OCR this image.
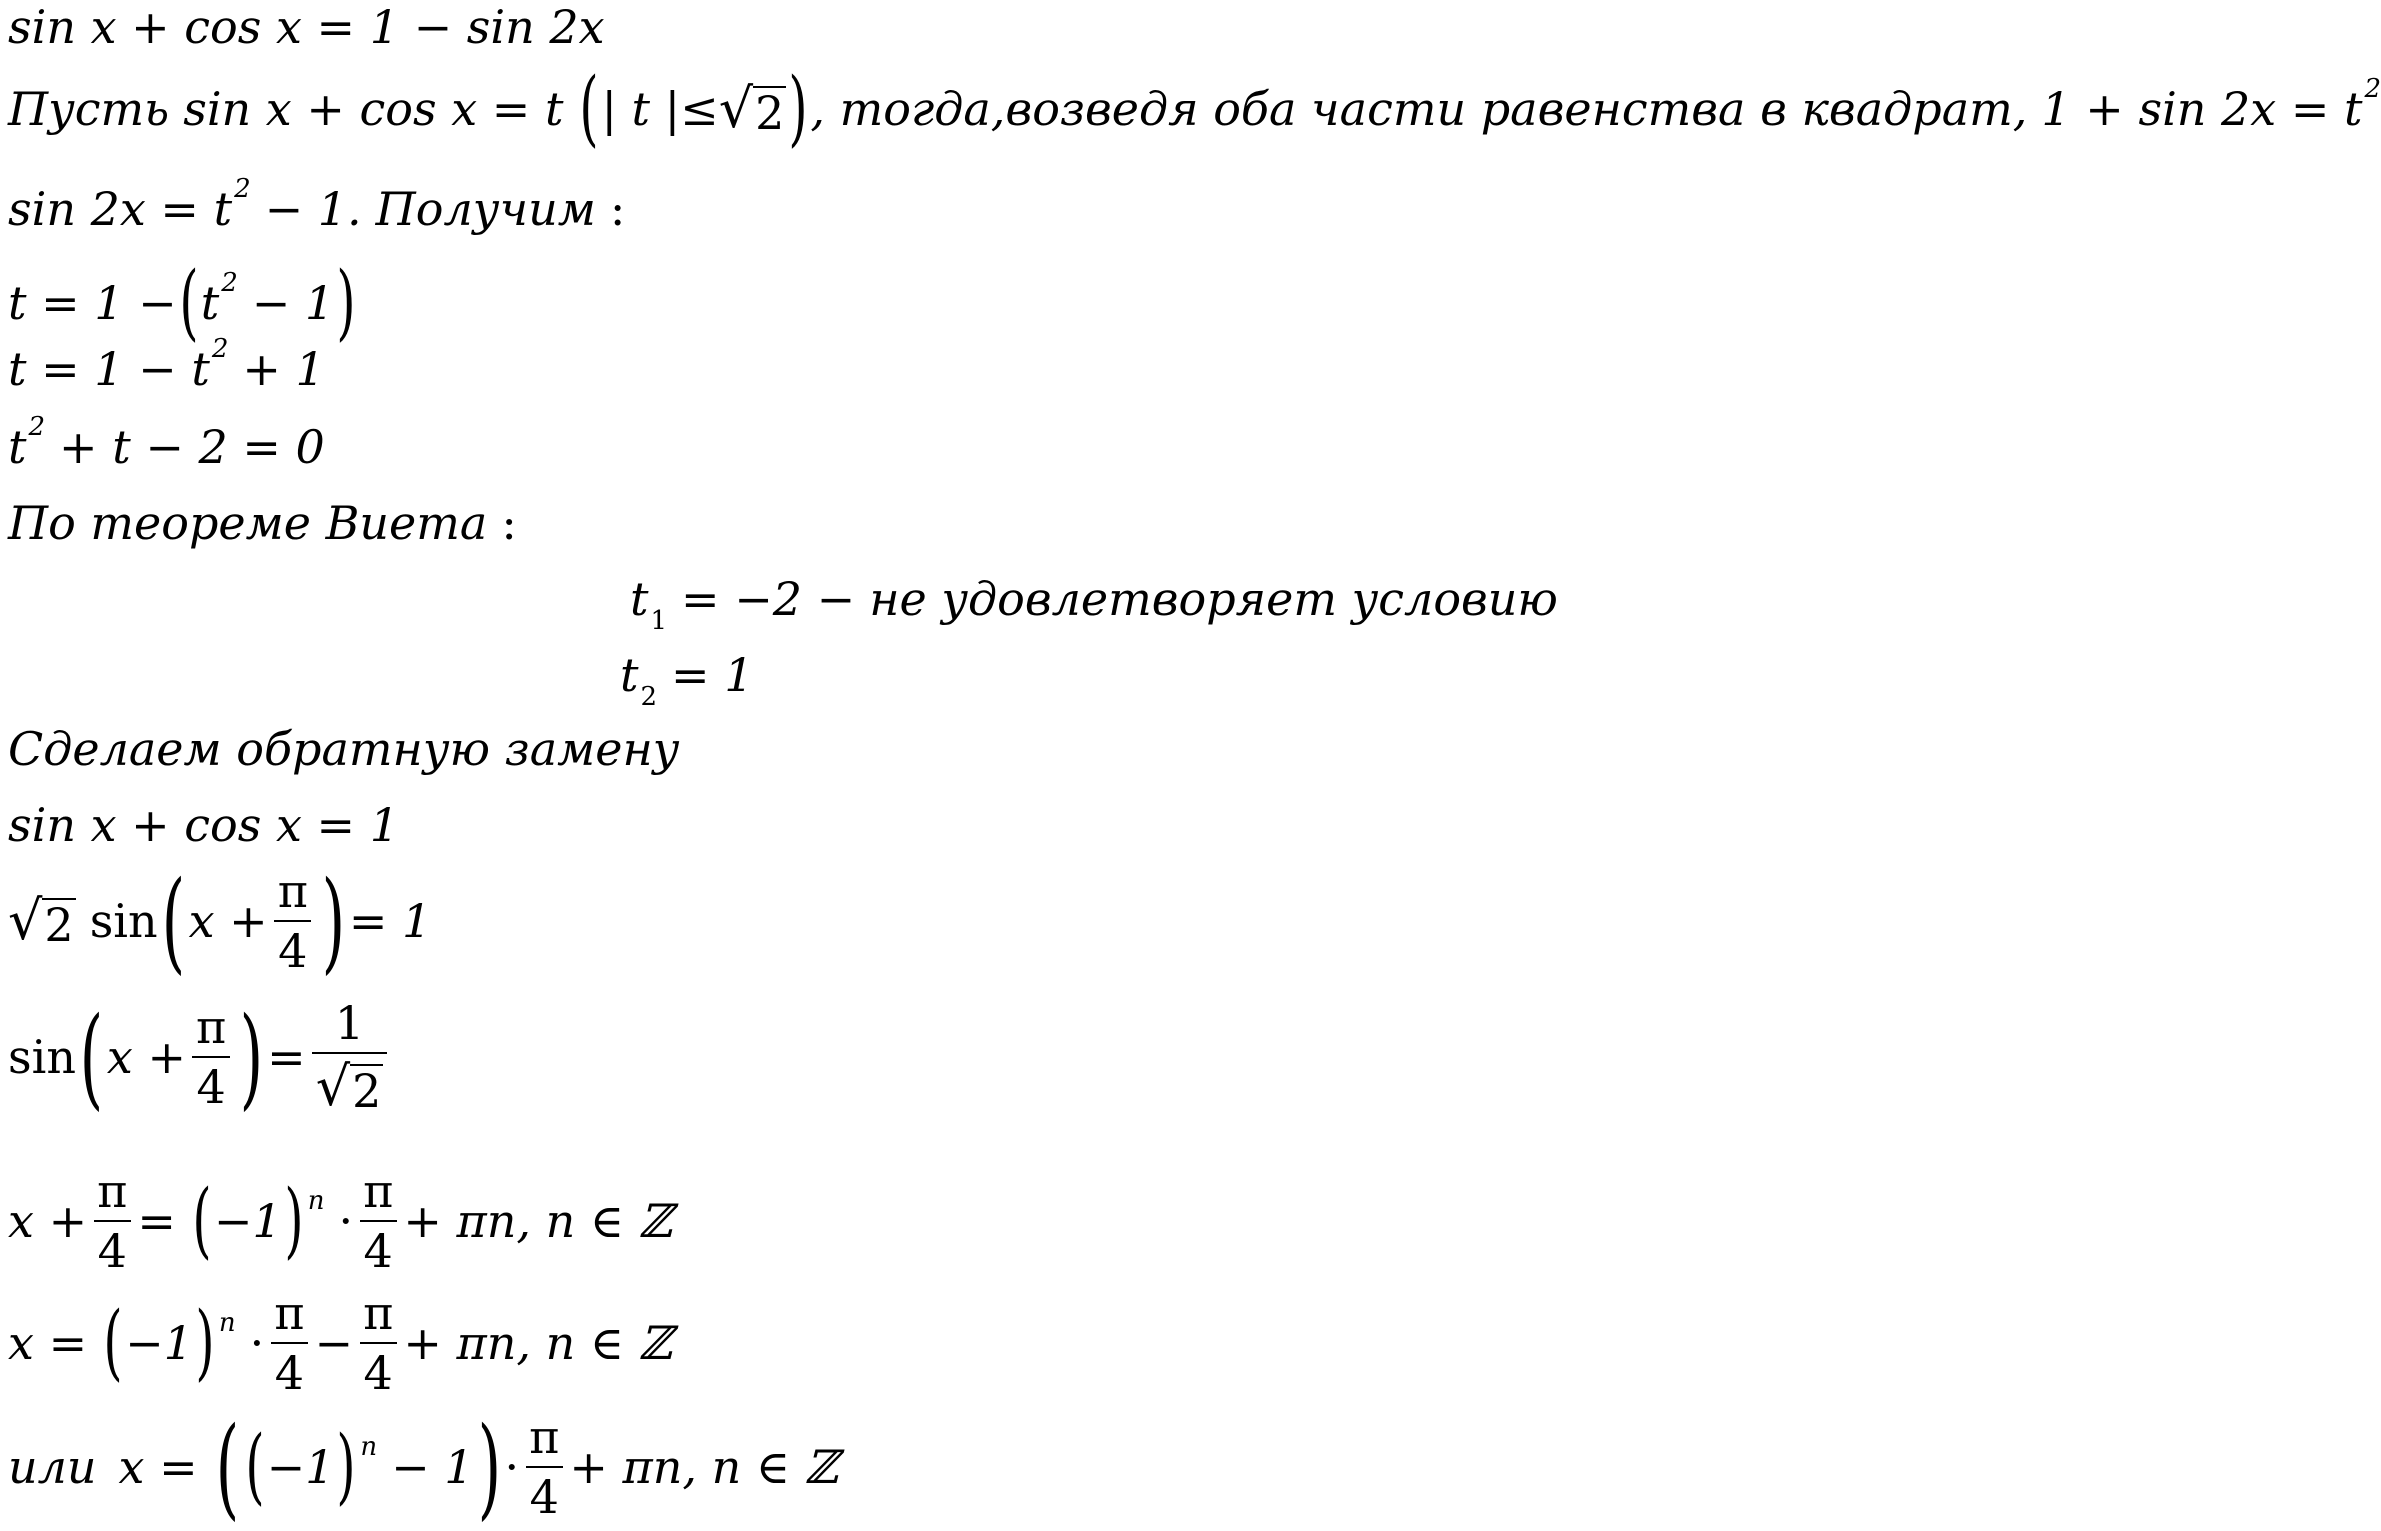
sin x + cos x = 1 − sin 2x
Пусть sin x + cos x = t ( | t |≤ √ 2 ) , тогда,возведя оба части равенства в квадрат, 1 + sin 2x = t 2
sin 2x = t 2 − 1. Получим :
t = 1 − ( t 2 − 1 )
t = 1 − t 2 + 1
t 2 + t − 2 = 0
По теореме Виета :
t 1 = −2 − не удовлетворяет условию
t 2 = 1
Сделаем обратную замену
sin x + cos x = 1
√ 2 sin ( $x + \frac{\pi}{4}$ ) = 1
sin ( $x + \frac{\pi}{4}$ ) = $\frac{1}{√ 2}$
$x + \frac{\pi}{4}$ = ( −1 ) $n \cdot \frac{\pi}{4} + \pi n$, n ∈ ℤ
x = ( −1 ) $n \cdot \frac{\pi}{4} - \frac{\pi}{4} + \pi n$, n ∈ ℤ
или x = ( ( −1 ) n − 1 ) · $\frac{\pi}{4} + \pi n$, n ∈ ℤ
